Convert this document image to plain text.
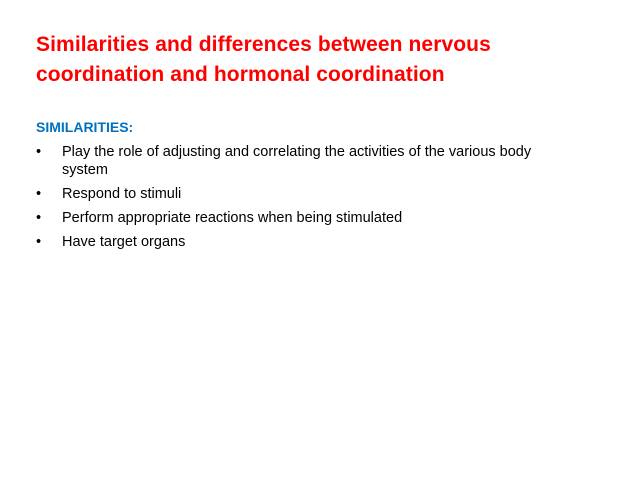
Similarities and differences between nervous coordination and hormonal coordination
SIMILARITIES:
•	Play the role of adjusting and correlating the activities of the various body system
•	Respond to stimuli
•	Perform appropriate reactions when being stimulated
•	Have target organs
